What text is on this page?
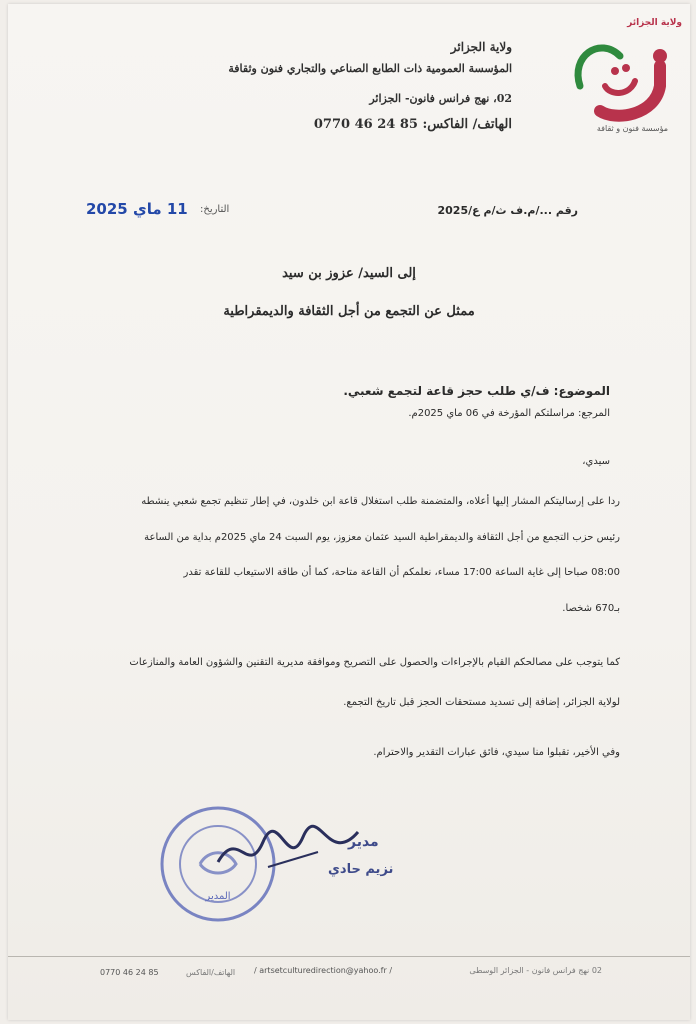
ولاية الجزائر
المؤسسة العمومية ذات الطابع الصناعي والتجاري فنون وثقافة
02، نهج فرانس فانون- الجزائر
الهاتف/ الفاكس: 85 24 46 0770
ولاية الجزائر
مؤسسة فنون و ثقافة
رقم .../م.ف ث/م ع/2025
التاريخ:
11 ماي 2025
إلى السيد/ عزوز بن سيد
ممثل عن التجمع من أجل الثقافة والديمقراطية
الموضوع: ف/ي طلب حجز قاعة لتجمع شعبي.
المرجع: مراسلتكم المؤرخة في 06 ماي 2025م.
سيدي،
ردا على إرساليتكم المشار إليها أعلاه، والمتضمنة طلب استغلال قاعة ابن خلدون، في إطار تنظيم تجمع شعبي ينشطه
رئيس حزب التجمع من أجل الثقافة والديمقراطية السيد عثمان معزوز، يوم السبت 24 ماي 2025م بداية من الساعة
08:00 صباحا إلى غاية الساعة 17:00 مساء، نعلمكم أن القاعة متاحة، كما أن طاقة الاستيعاب للقاعة تقدر
بـ670 شخصا.
كما يتوجب على مصالحكم القيام بالإجراءات والحصول على التصريح وموافقة مديرية التقنين والشؤون العامة والمنازعات
لولاية الجزائر، إضافة إلى تسديد مستحقات الحجز قبل تاريخ التجمع.
وفي الأخير، تقبلوا منا سيدي، فائق عبارات التقدير والاحترام.
المدير
مدير
نزيم حادي
0770 46 24 85	الهاتف/الفاكس / artsetculturedirection@yahoo.fr /	02 نهج فرانس فانون - الجزائر الوسطى
